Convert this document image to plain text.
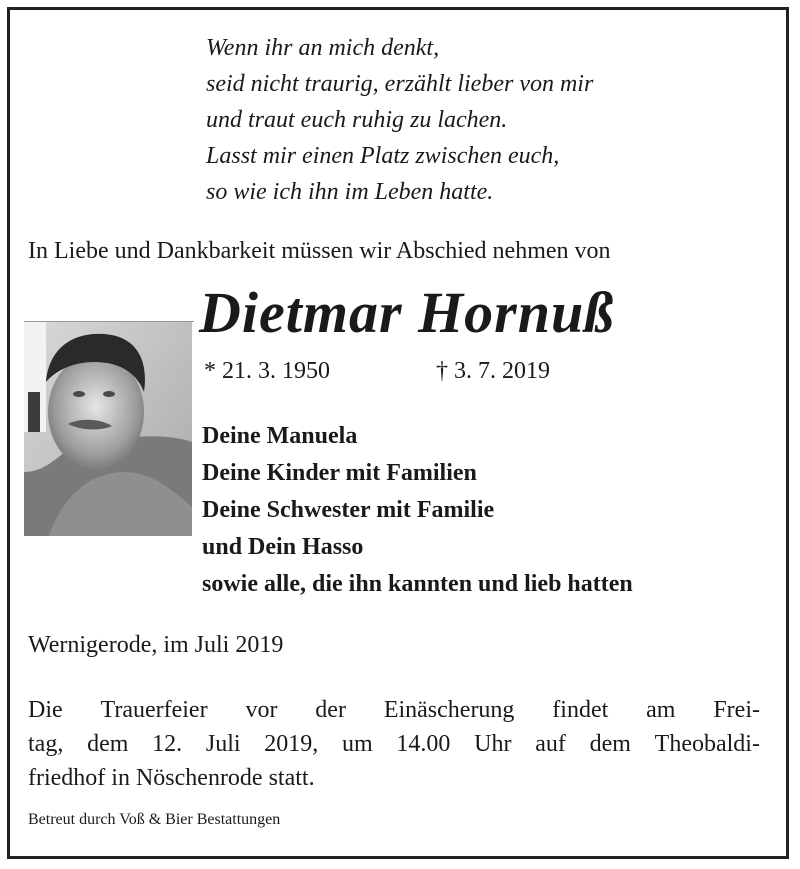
Wenn ihr an mich denkt,
seid nicht traurig, erzählt lieber von mir
und traut euch ruhig zu lachen.
Lasst mir einen Platz zwischen euch,
so wie ich ihn im Leben hatte.
In Liebe und Dankbarkeit müssen wir Abschied nehmen von
Dietmar Hornuß
* 21. 3. 1950	† 3. 7. 2019
Deine Manuela
Deine Kinder mit Familien
Deine Schwester mit Familie
und Dein Hasso
sowie alle, die ihn kannten und lieb hatten
Wernigerode, im Juli 2019
Die Trauerfeier vor der Einäscherung findet am Frei-
tag, dem 12. Juli 2019, um 14.00 Uhr auf dem Theobaldi-
friedhof in Nöschenrode statt.
Betreut durch Voß & Bier Bestattungen
